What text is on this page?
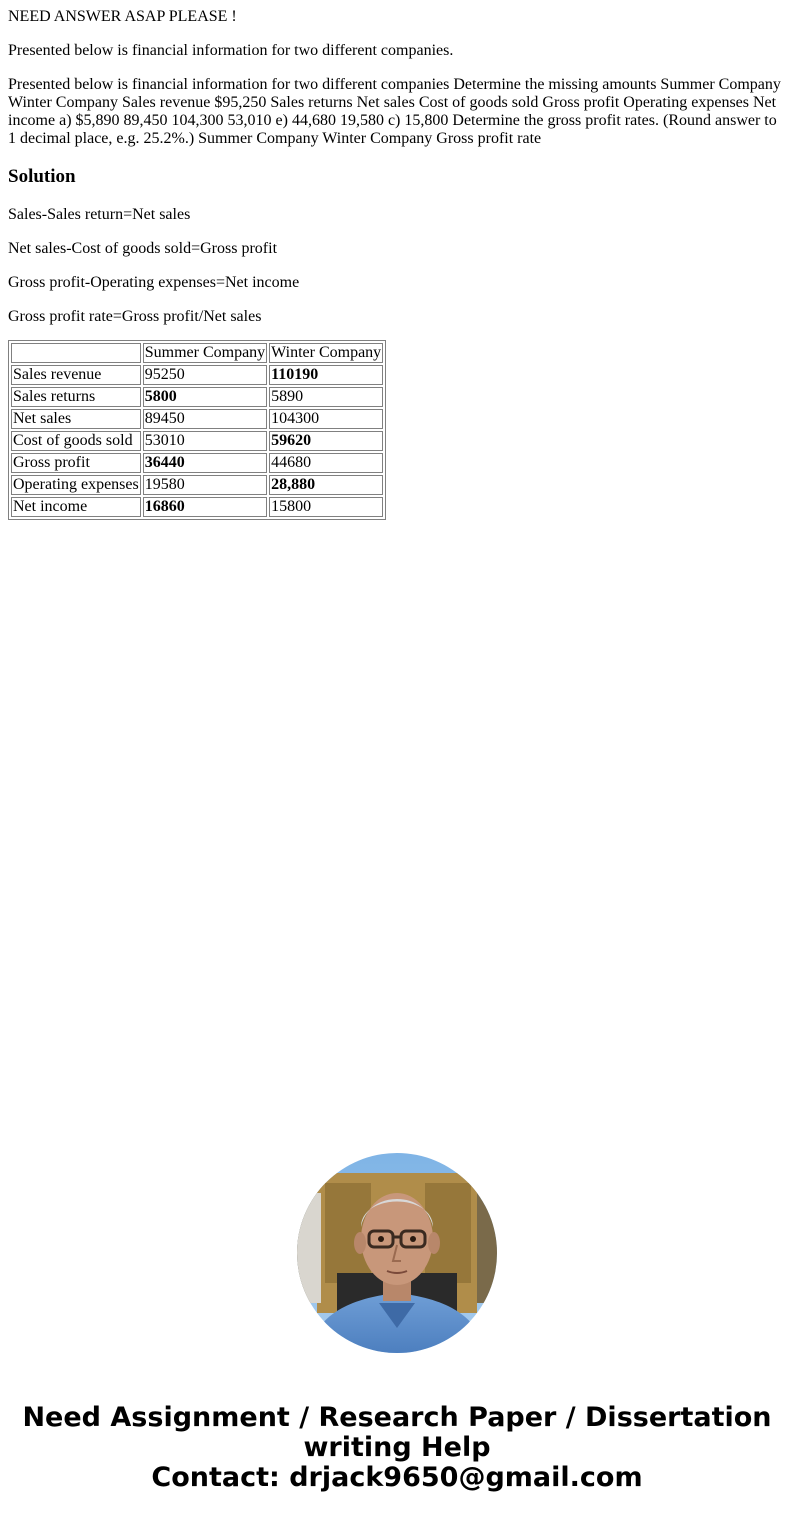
NEED ANSWER ASAP PLEASE !

Presented below is financial information for two different companies.

Presented below is financial information for two different companies Determine the missing amounts Summer Company Winter Company Sales revenue $95,250 Sales returns Net sales Cost of goods sold Gross profit Operating expenses Net income a) $5,890 89,450 104,300 53,010 e) 44,680 19,580 c) 15,800 Determine the gross profit rates. (Round answer to 1 decimal place, e.g. 25.2%.) Summer Company Winter Company Gross profit rate

Solution

Sales-Sales return=Net sales

Net sales-Cost of goods sold=Gross profit

Gross profit-Operating expenses=Net income

Gross profit rate=Gross profit/Net sales

	Summer Company	Winter Company
Sales revenue	95250	110190
Sales returns	5800	5890
Net sales	89450	104300
Cost of goods sold	53010	59620
Gross profit	36440	44680
Operating expenses	19580	28,880
Net income	16860	15800
Need Assignment / Research Paper / Dissertation
writing Help
Contact: drjack9650@gmail.com
